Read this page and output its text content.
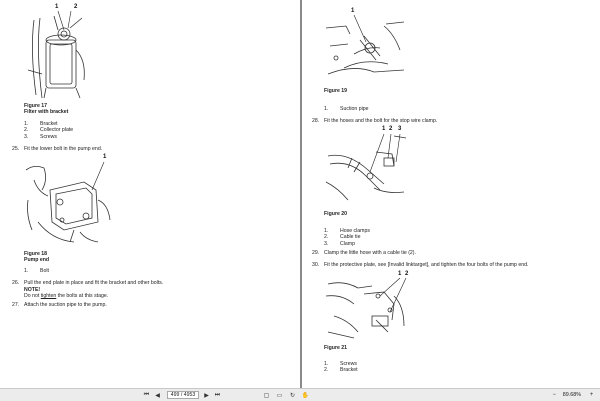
1	2
Figure 17
Filter with bracket
1.	Bracket
2.	Collector plate
3.	Screws
25. Fit the lower bolt in the pump end.
1
Figure 18
Pump end
1.	Bolt
26. Pull the end plate in place and fit the bracket and other bolts.
NOTE!
Do not tighten the bolts at this stage.
27. Attach the suction pipe to the pump.
1
Figure 19
1.	Suction pipe
28. Fit the hoses and the bolt for the stop wire clamp.
1 2 3
Figure 20
1.	Hose clamps
2.	Cable tie
3.	Clamp
29. Clamp the little hose with a cable tie (2).
30. Fit the protective plate, see [Invalid linktarget], and tighten the four bolts of the pump end.
1 2
Figure 21
1.	Screws
2.	Bracket
⏮ ◀	499 / 4953	▶ ⏭	▢ ▭	↻	✋	−	89.68%	+
